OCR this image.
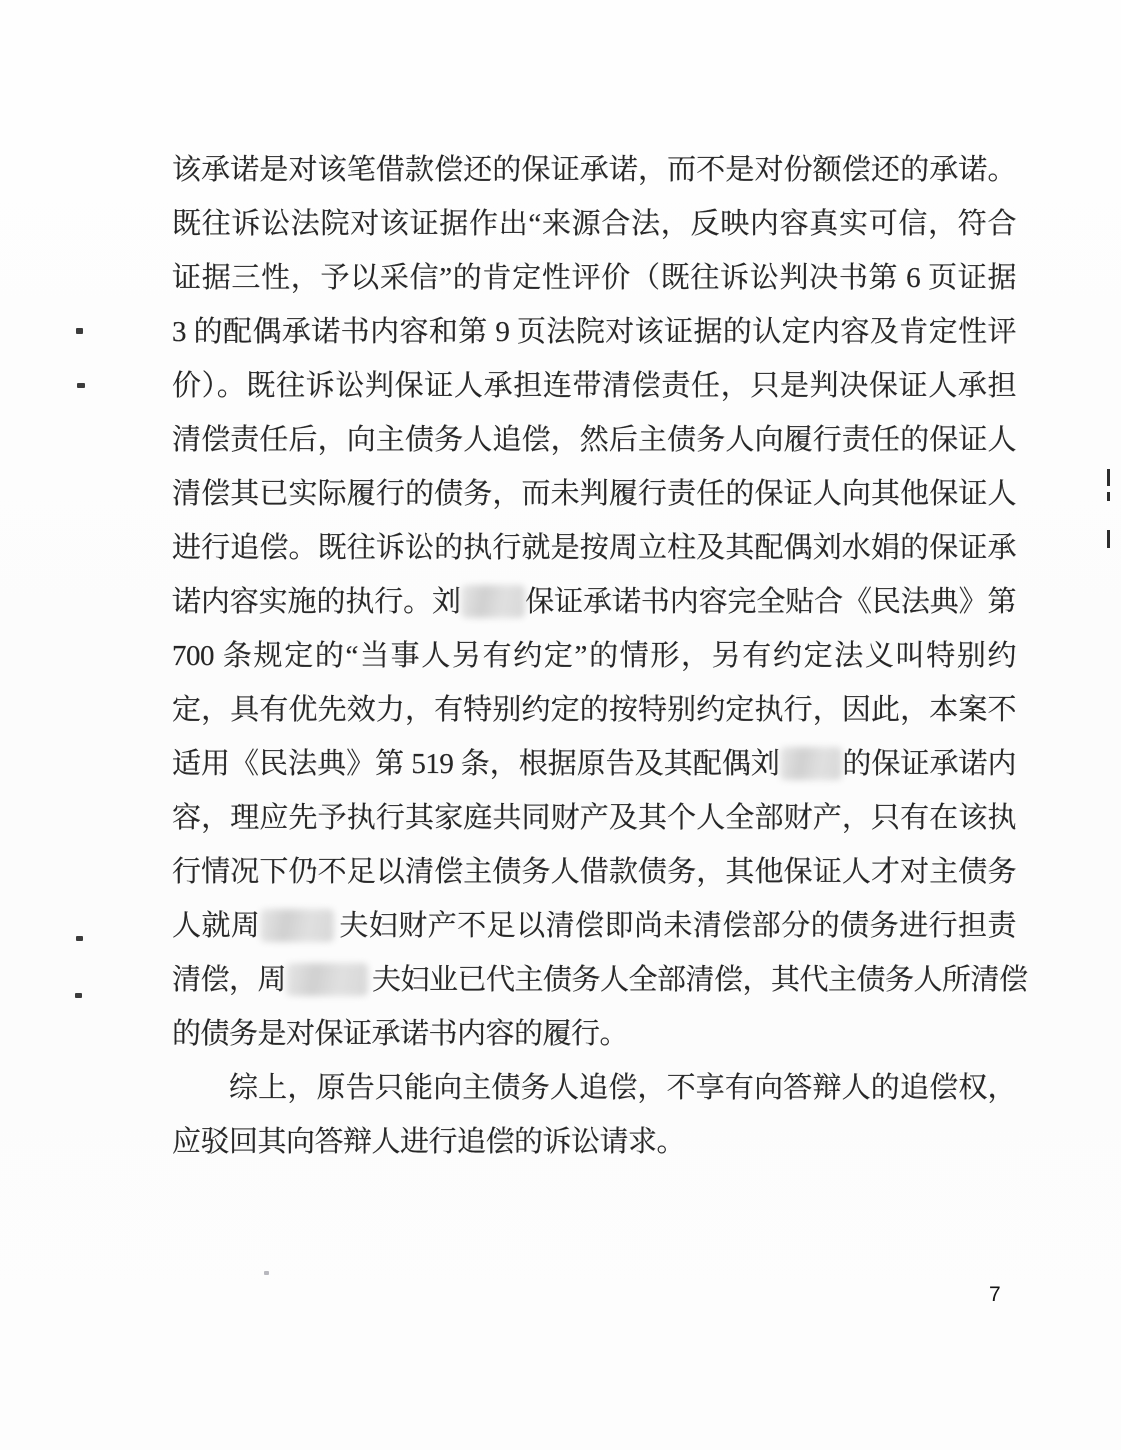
该承诺是对该笔借款偿还的保证承诺，而不是对份额偿还的承诺。
既往诉讼法院对该证据作出“来源合法，反映内容真实可信，符合
证据三性，予以采信”的肯定性评价（既往诉讼判决书第 6 页证据
3 的配偶承诺书内容和第 9 页法院对该证据的认定内容及肯定性评
价）。既往诉讼判保证人承担连带清偿责任，只是判决保证人承担
清偿责任后，向主债务人追偿，然后主债务人向履行责任的保证人
清偿其已实际履行的债务，而未判履行责任的保证人向其他保证人
进行追偿。既往诉讼的执行就是按周立柱及其配偶刘水娟的保证承
诺内容实施的执行。刘 保证承诺书内容完全贴合《民法典》第
700 条规定的“当事人另有约定”的情形，另有约定法义叫特别约
定，具有优先效力，有特别约定的按特别约定执行，因此，本案不
适用《民法典》第 519 条，根据原告及其配偶刘 的保证承诺内
容，理应先予执行其家庭共同财产及其个人全部财产，只有在该执
行情况下仍不足以清偿主债务人借款债务，其他保证人才对主债务
人就周	夫妇财产不足以清偿即尚未清偿部分的债务进行担责
清偿，周	夫妇业已代主债务人全部清偿，其代主债务人所清偿
的债务是对保证承诺书内容的履行。
综上，原告只能向主债务人追偿，不享有向答辩人的追偿权，
应驳回其向答辩人进行追偿的诉讼请求。
7
